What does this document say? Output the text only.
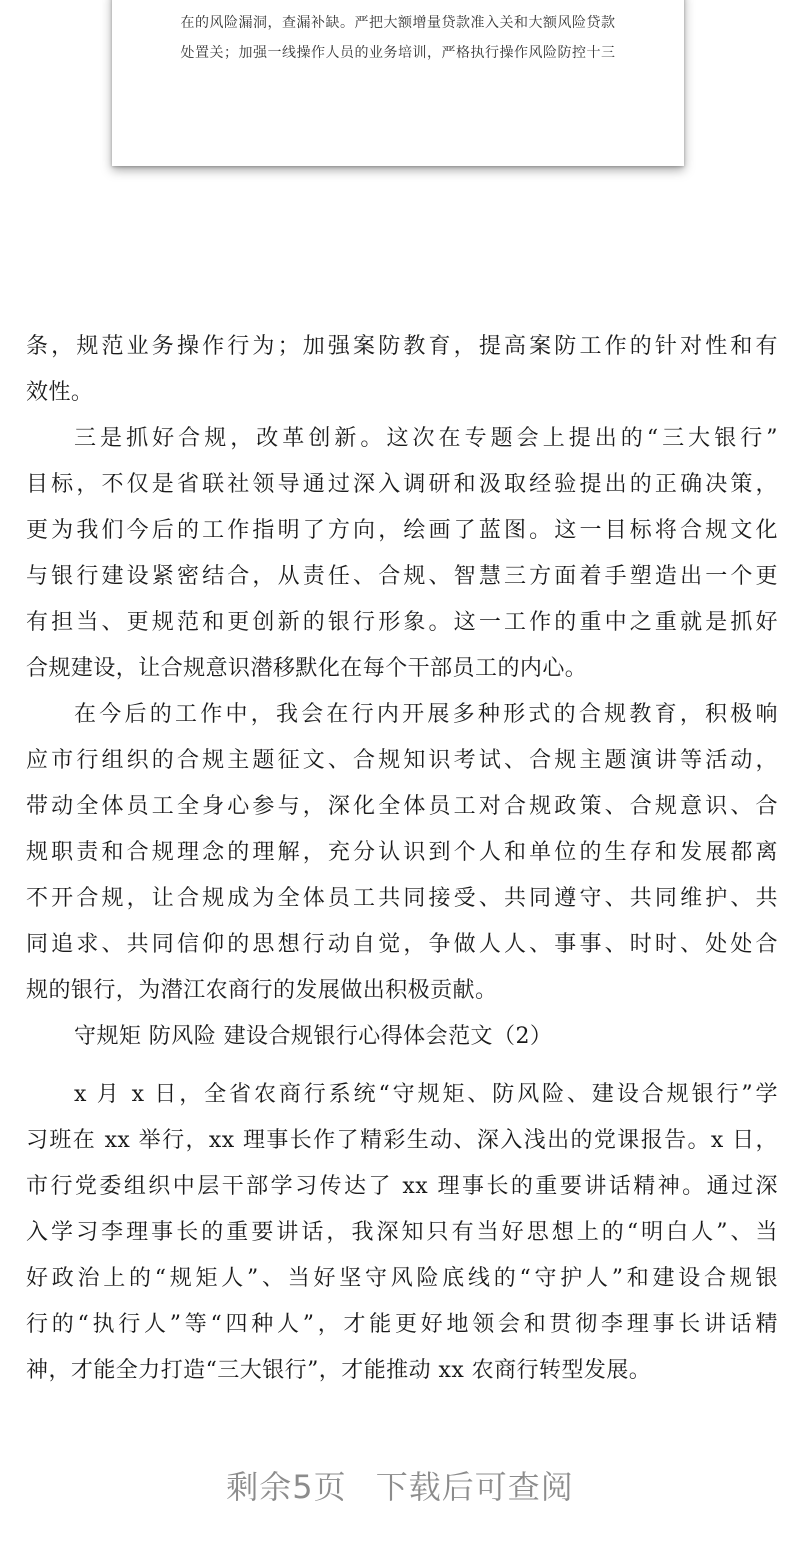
在的风险漏洞，查漏补缺。严把大额增量贷款准入关和大额风险贷款
处置关；加强一线操作人员的业务培训，严格执行操作风险防控十三
条，规范业务操作行为；加强案防教育，提高案防工作的针对性和有
效性。
三是抓好合规，改革创新。这次在专题会上提出的“三大银行”
目标，不仅是省联社领导通过深入调研和汲取经验提出的正确决策，
更为我们今后的工作指明了方向，绘画了蓝图。这一目标将合规文化
与银行建设紧密结合，从责任、合规、智慧三方面着手塑造出一个更
有担当、更规范和更创新的银行形象。这一工作的重中之重就是抓好
合规建设，让合规意识潜移默化在每个干部员工的内心。
在今后的工作中，我会在行内开展多种形式的合规教育，积极响
应市行组织的合规主题征文、合规知识考试、合规主题演讲等活动，
带动全体员工全身心参与，深化全体员工对合规政策、合规意识、合
规职责和合规理念的理解，充分认识到个人和单位的生存和发展都离
不开合规，让合规成为全体员工共同接受、共同遵守、共同维护、共
同追求、共同信仰的思想行动自觉，争做人人、事事、时时、处处合
规的银行，为潜江农商行的发展做出积极贡献。
守规矩 防风险 建设合规银行心得体会范文（2）
x 月 x 日，全省农商行系统“守规矩、防风险、建设合规银行”学
习班在 xx 举行，xx 理事长作了精彩生动、深入浅出的党课报告。x 日，
市行党委组织中层干部学习传达了 xx 理事长的重要讲话精神。通过深
入学习李理事长的重要讲话，我深知只有当好思想上的“明白人”、当
好政治上的“规矩人”、当好坚守风险底线的“守护人”和建设合规银
行的“执行人”等“四种人”，才能更好地领会和贯彻李理事长讲话精
神，才能全力打造“三大银行”，才能推动 xx 农商行转型发展。
剩余5页 下载后可查阅
